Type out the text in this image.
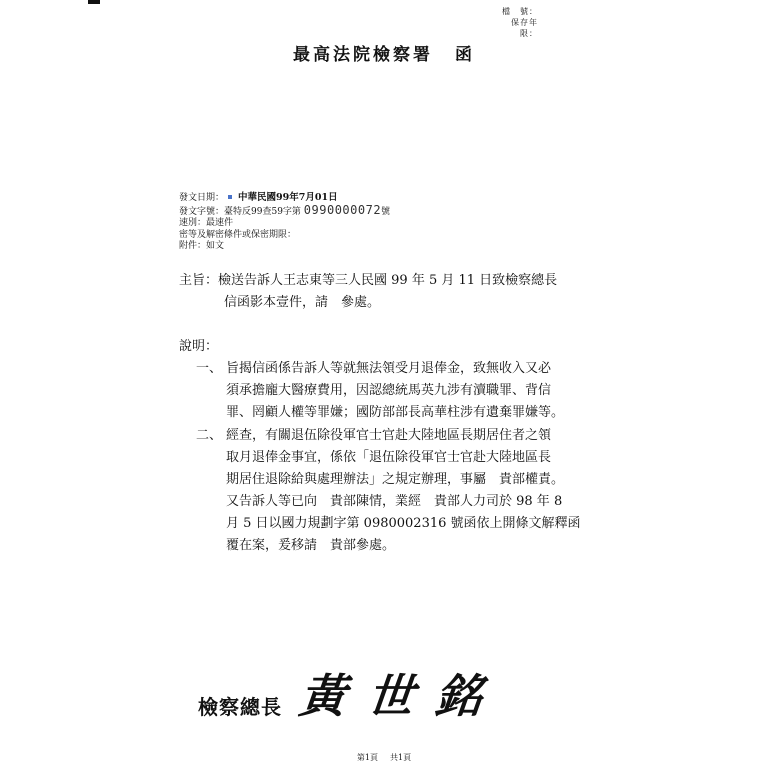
檔　號：
保存年限：
最高法院檢察署 函
發文日期： 中華民國99年7月01日
發文字號：臺特反99查59字第 0990000072號
速別：最速件
密等及解密條件或保密期限：
附件：如文
主旨：檢送告訴人王志東等三人民國 99 年 5 月 11 日致檢察總長
信函影本壹件，請　參處。
說明：
一、 旨揭信函係告訴人等就無法領受月退俸金，致無收入又必
須承擔龐大醫療費用，因認總統馬英九涉有瀆職罪、背信
罪、罔顧人權等罪嫌；國防部部長高華柱涉有遺棄罪嫌等。
二、 經查，有關退伍除役軍官士官赴大陸地區長期居住者之領
取月退俸金事宜，係依「退伍除役軍官士官赴大陸地區長
期居住退除給與處理辦法」之規定辦理，事屬　貴部權責。
又告訴人等已向　貴部陳情，業經　貴部人力司於 98 年 8
月 5 日以國力規劃字第 0980002316 號函依上開條文解釋函
覆在案，爰移請　貴部參處。
檢察總長 黃世銘
第1頁 共1頁
